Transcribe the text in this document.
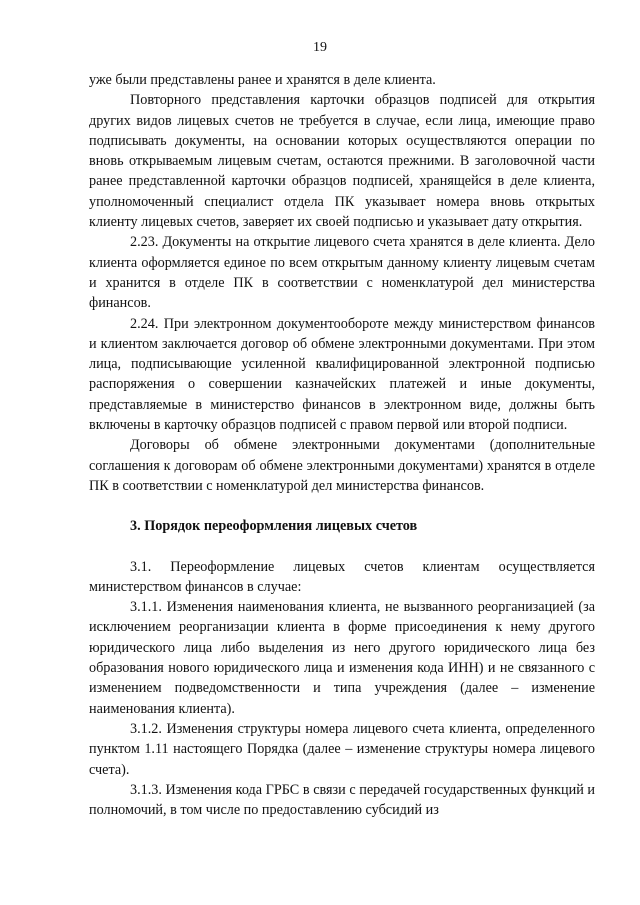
19

уже были представлены ранее и хранятся в деле клиента.

Повторного представления карточки образцов подписей для открытия других видов лицевых счетов не требуется в случае, если лица, имеющие право подписывать документы, на основании которых осуществляются операции по вновь открываемым лицевым счетам, остаются прежними. В заголовочной части ранее представленной карточки образцов подписей, хранящейся в деле клиента, уполномоченный специалист отдела ПК указывает номера вновь открытых клиенту лицевых счетов, заверяет их своей подписью и указывает дату открытия.

2.23. Документы на открытие лицевого счета хранятся в деле клиента. Дело клиента оформляется единое по всем открытым данному клиенту лицевым счетам и хранится в отделе ПК в соответствии с номенклатурой дел министерства финансов.

2.24. При электронном документообороте между министерством финансов и клиентом заключается договор об обмене электронными документами. При этом лица, подписывающие усиленной квалифицированной электронной подписью распоряжения о совершении казначейских платежей и иные документы, представляемые в министерство финансов в электронном виде, должны быть включены в карточку образцов подписей с правом первой или второй подписи.

Договоры об обмене электронными документами (дополнительные соглашения к договорам об обмене электронными документами) хранятся в отделе ПК в соответствии с номенклатурой дел министерства финансов.

3. Порядок переоформления лицевых счетов

3.1. Переоформление лицевых счетов клиентам осуществляется министерством финансов в случае:

3.1.1. Изменения наименования клиента, не вызванного реорганизацией (за исключением реорганизации клиента в форме присоединения к нему другого юридического лица либо выделения из него другого юридического лица без образования нового юридического лица и изменения кода ИНН) и не связанного с изменением подведомственности и типа учреждения (далее – изменение наименования клиента).

3.1.2. Изменения структуры номера лицевого счета клиента, определенного пунктом 1.11 настоящего Порядка (далее – изменение структуры номера лицевого счета).

3.1.3. Изменения кода ГРБС в связи с передачей государственных функций и полномочий, в том числе по предоставлению субсидий из
